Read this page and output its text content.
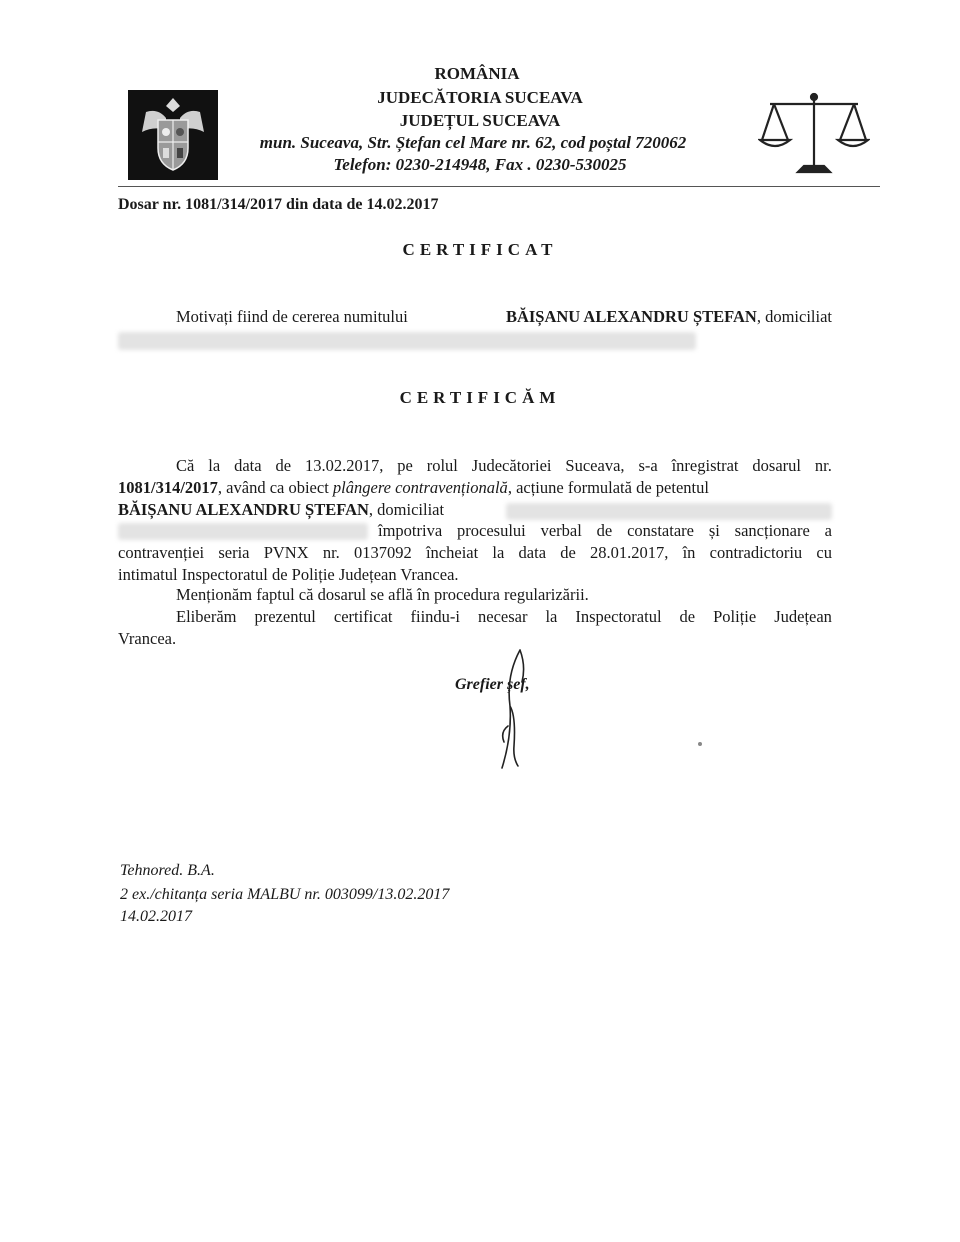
ROMÂNIA
JUDECĂTORIA SUCEAVA
JUDEȚUL SUCEAVA
mun. Suceava, Str. Ștefan cel Mare nr. 62, cod poștal 720062
Telefon: 0230-214948, Fax . 0230-530025
Dosar nr. 1081/314/2017 din data de 14.02.2017
CERTIFICAT
Motivați fiind de cererea numitului	BĂIȘANU ALEXANDRU ȘTEFAN, domiciliat
CERTIFICĂM
Că la data de 13.02.2017, pe rolul Judecătoriei Suceava, s-a înregistrat dosarul nr.
1081/314/2017, având ca obiect plângere contravențională, acțiune formulată de petentul
BĂIȘANU ALEXANDRU ȘTEFAN, domiciliat
împotriva procesului verbal de constatare și sancționare a
contravenției seria PVNX nr. 0137092 încheiat la data de 28.01.2017, în contradictoriu cu
intimatul Inspectoratul de Poliție Județean Vrancea.
Menționăm faptul că dosarul se află în procedura regularizării.
Eliberăm prezentul certificat fiindu-i necesar la Inspectoratul de Poliție Județean
Vrancea.
Grefier șef,
Tehnored. B.A.
2 ex./chitanța seria MALBU nr. 003099/13.02.2017
14.02.2017
